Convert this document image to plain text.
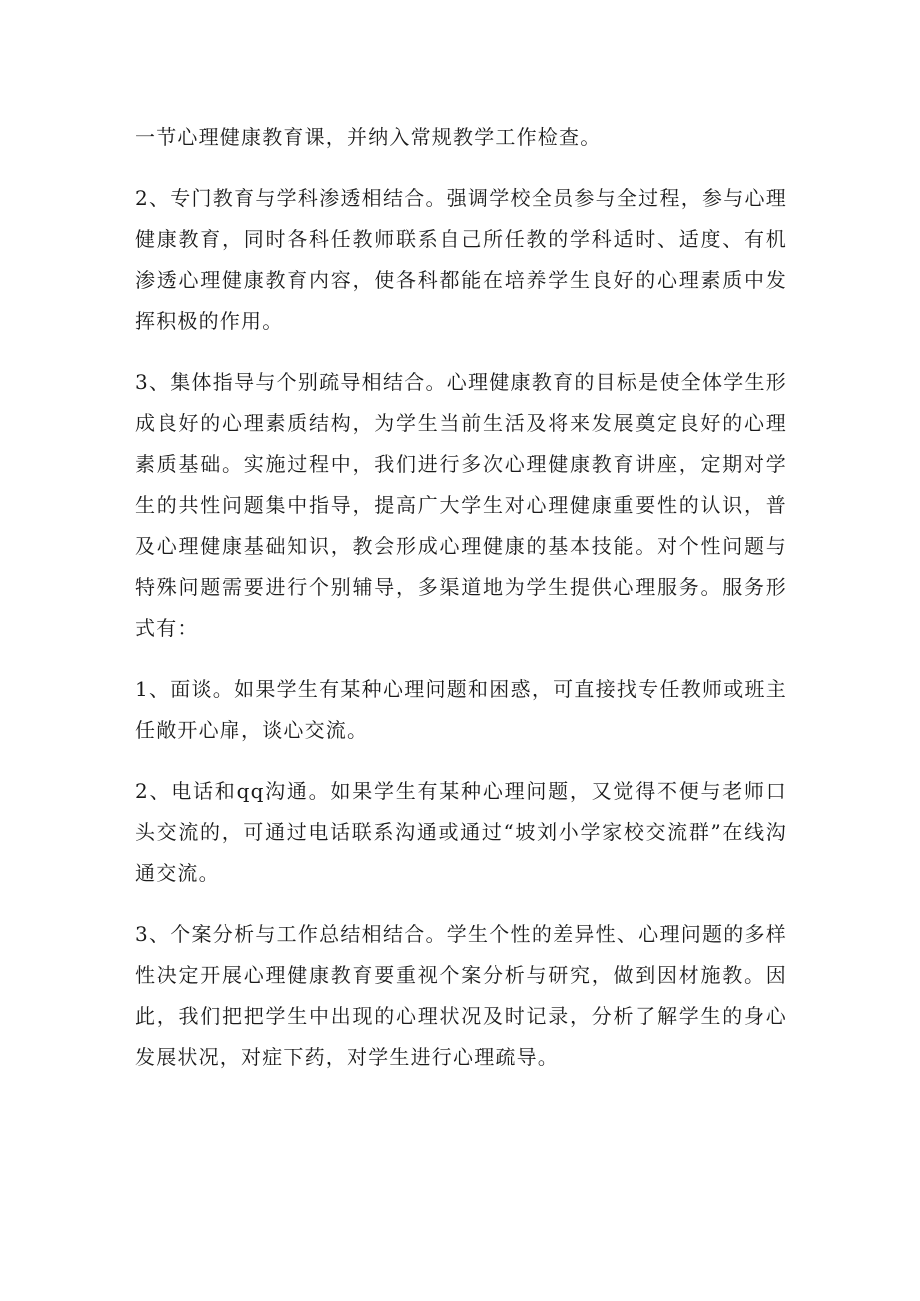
一节心理健康教育课，并纳入常规教学工作检查。

2、专门教育与学科渗透相结合。强调学校全员参与全过程，参与心理健康教育，同时各科任教师联系自己所任教的学科适时、适度、有机渗透心理健康教育内容，使各科都能在培养学生良好的心理素质中发挥积极的作用。

3、集体指导与个别疏导相结合。心理健康教育的目标是使全体学生形成良好的心理素质结构，为学生当前生活及将来发展奠定良好的心理素质基础。实施过程中，我们进行多次心理健康教育讲座，定期对学生的共性问题集中指导，提高广大学生对心理健康重要性的认识，普及心理健康基础知识，教会形成心理健康的基本技能。对个性问题与特殊问题需要进行个别辅导，多渠道地为学生提供心理服务。服务形式有：

1、面谈。如果学生有某种心理问题和困惑，可直接找专任教师或班主任敞开心扉，谈心交流。

2、电话和qq沟通。如果学生有某种心理问题，又觉得不便与老师口头交流的，可通过电话联系沟通或通过“坡刘小学家校交流群”在线沟通交流。

3、个案分析与工作总结相结合。学生个性的差异性、心理问题的多样性决定开展心理健康教育要重视个案分析与研究，做到因材施教。因此，我们把把学生中出现的心理状况及时记录，分析了解学生的身心发展状况，对症下药，对学生进行心理疏导。
